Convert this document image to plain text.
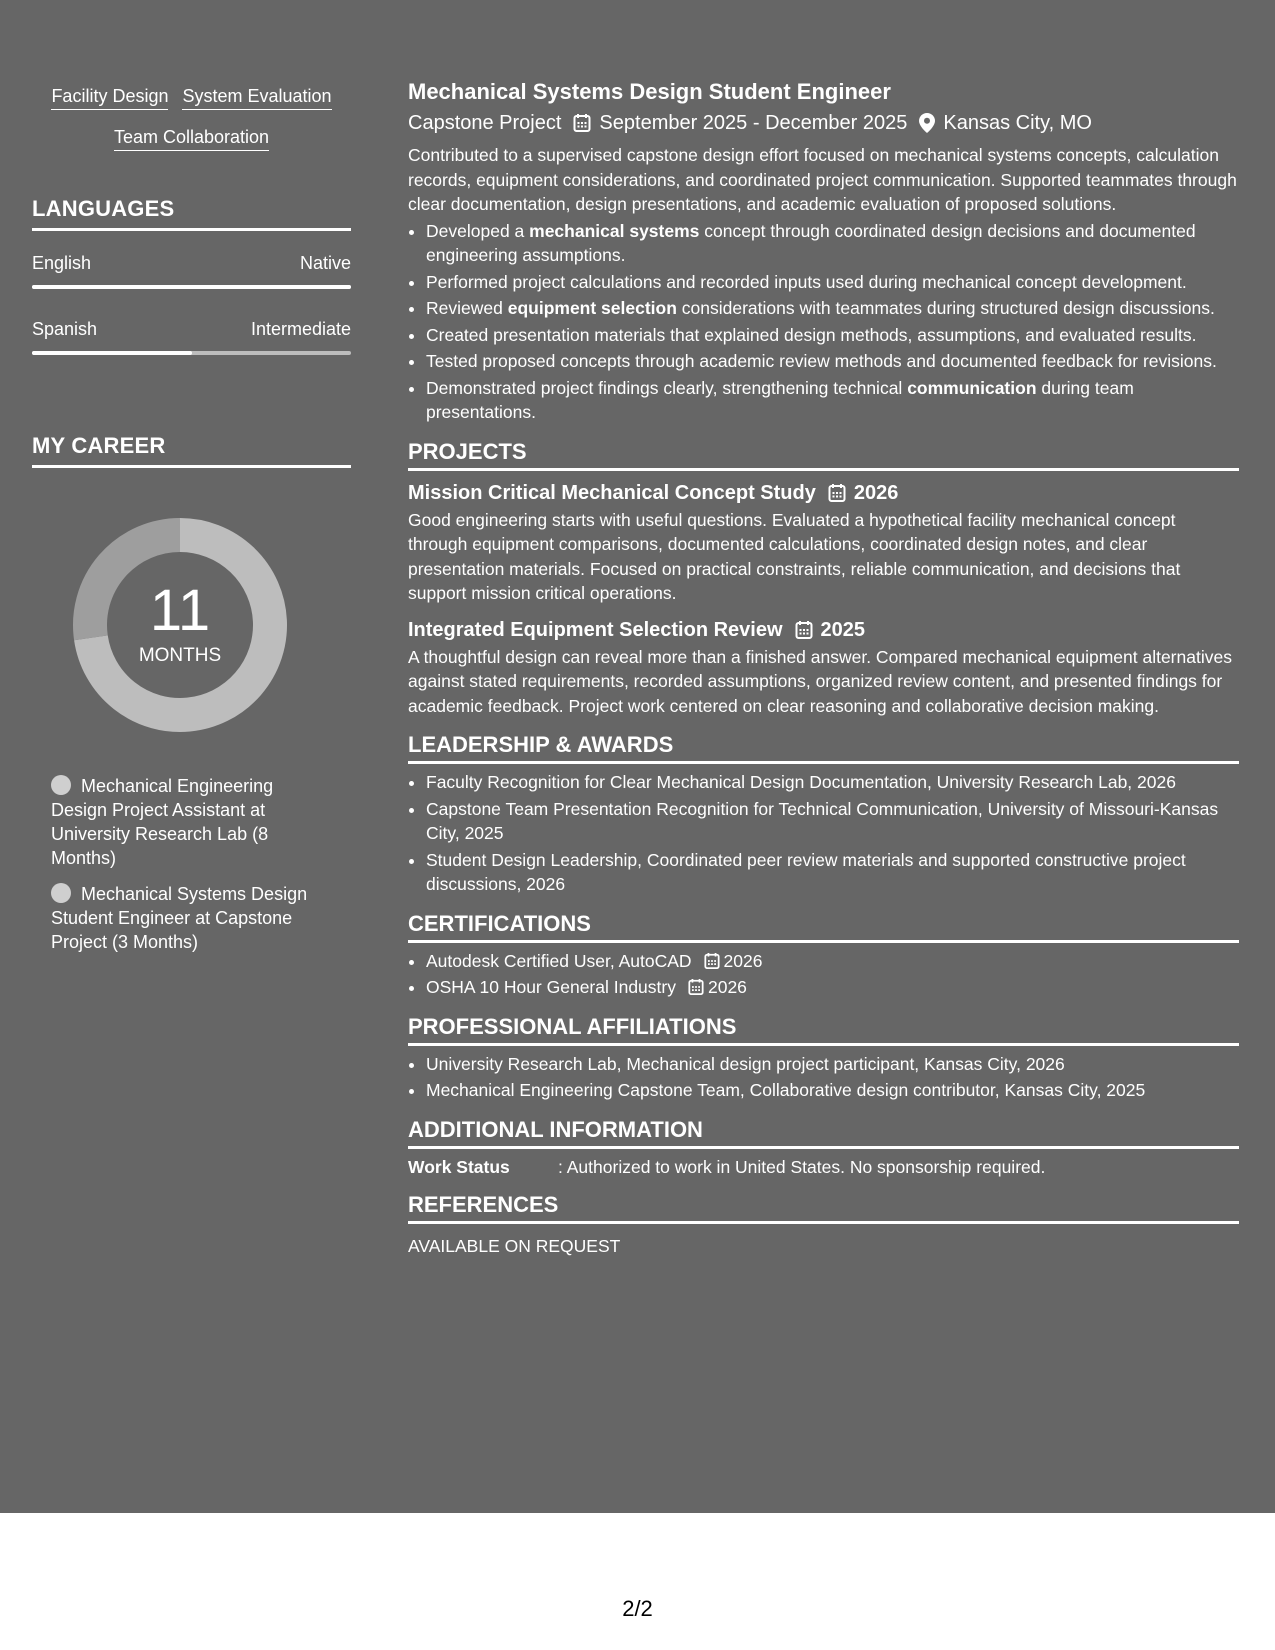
Facility Design System Evaluation
Team Collaboration
LANGUAGES
English	Native
Spanish	Intermediate
MY CAREER
11
MONTHS
Mechanical Engineering Design Project Assistant at University Research Lab (8 Months)
Mechanical Systems Design Student Engineer at Capstone Project (3 Months)
Mechanical Systems Design Student Engineer
Capstone Project September 2025 - December 2025 Kansas City, MO
Contributed to a supervised capstone design effort focused on mechanical systems concepts, calculation records, equipment considerations, and coordinated project communication. Supported teammates through clear documentation, design presentations, and academic evaluation of proposed solutions.
• Developed a mechanical systems concept through coordinated design decisions and documented engineering assumptions.
• Performed project calculations and recorded inputs used during mechanical concept development.
• Reviewed equipment selection considerations with teammates during structured design discussions.
• Created presentation materials that explained design methods, assumptions, and evaluated results.
• Tested proposed concepts through academic review methods and documented feedback for revisions.
• Demonstrated project findings clearly, strengthening technical communication during team presentations.
PROJECTS
Mission Critical Mechanical Concept Study 2026
Good engineering starts with useful questions. Evaluated a hypothetical facility mechanical concept through equipment comparisons, documented calculations, coordinated design notes, and clear presentation materials. Focused on practical constraints, reliable communication, and decisions that support mission critical operations.
Integrated Equipment Selection Review 2025
A thoughtful design can reveal more than a finished answer. Compared mechanical equipment alternatives against stated requirements, recorded assumptions, organized review content, and presented findings for academic feedback. Project work centered on clear reasoning and collaborative decision making.
LEADERSHIP & AWARDS
• Faculty Recognition for Clear Mechanical Design Documentation, University Research Lab, 2026
• Capstone Team Presentation Recognition for Technical Communication, University of Missouri-Kansas City, 2025
• Student Design Leadership, Coordinated peer review materials and supported constructive project discussions, 2026
CERTIFICATIONS
• Autodesk Certified User, AutoCAD 2026
• OSHA 10 Hour General Industry 2026
PROFESSIONAL AFFILIATIONS
• University Research Lab, Mechanical design project participant, Kansas City, 2026
• Mechanical Engineering Capstone Team, Collaborative design contributor, Kansas City, 2025
ADDITIONAL INFORMATION
Work Status	: Authorized to work in United States. No sponsorship required.
REFERENCES
AVAILABLE ON REQUEST
2/2
